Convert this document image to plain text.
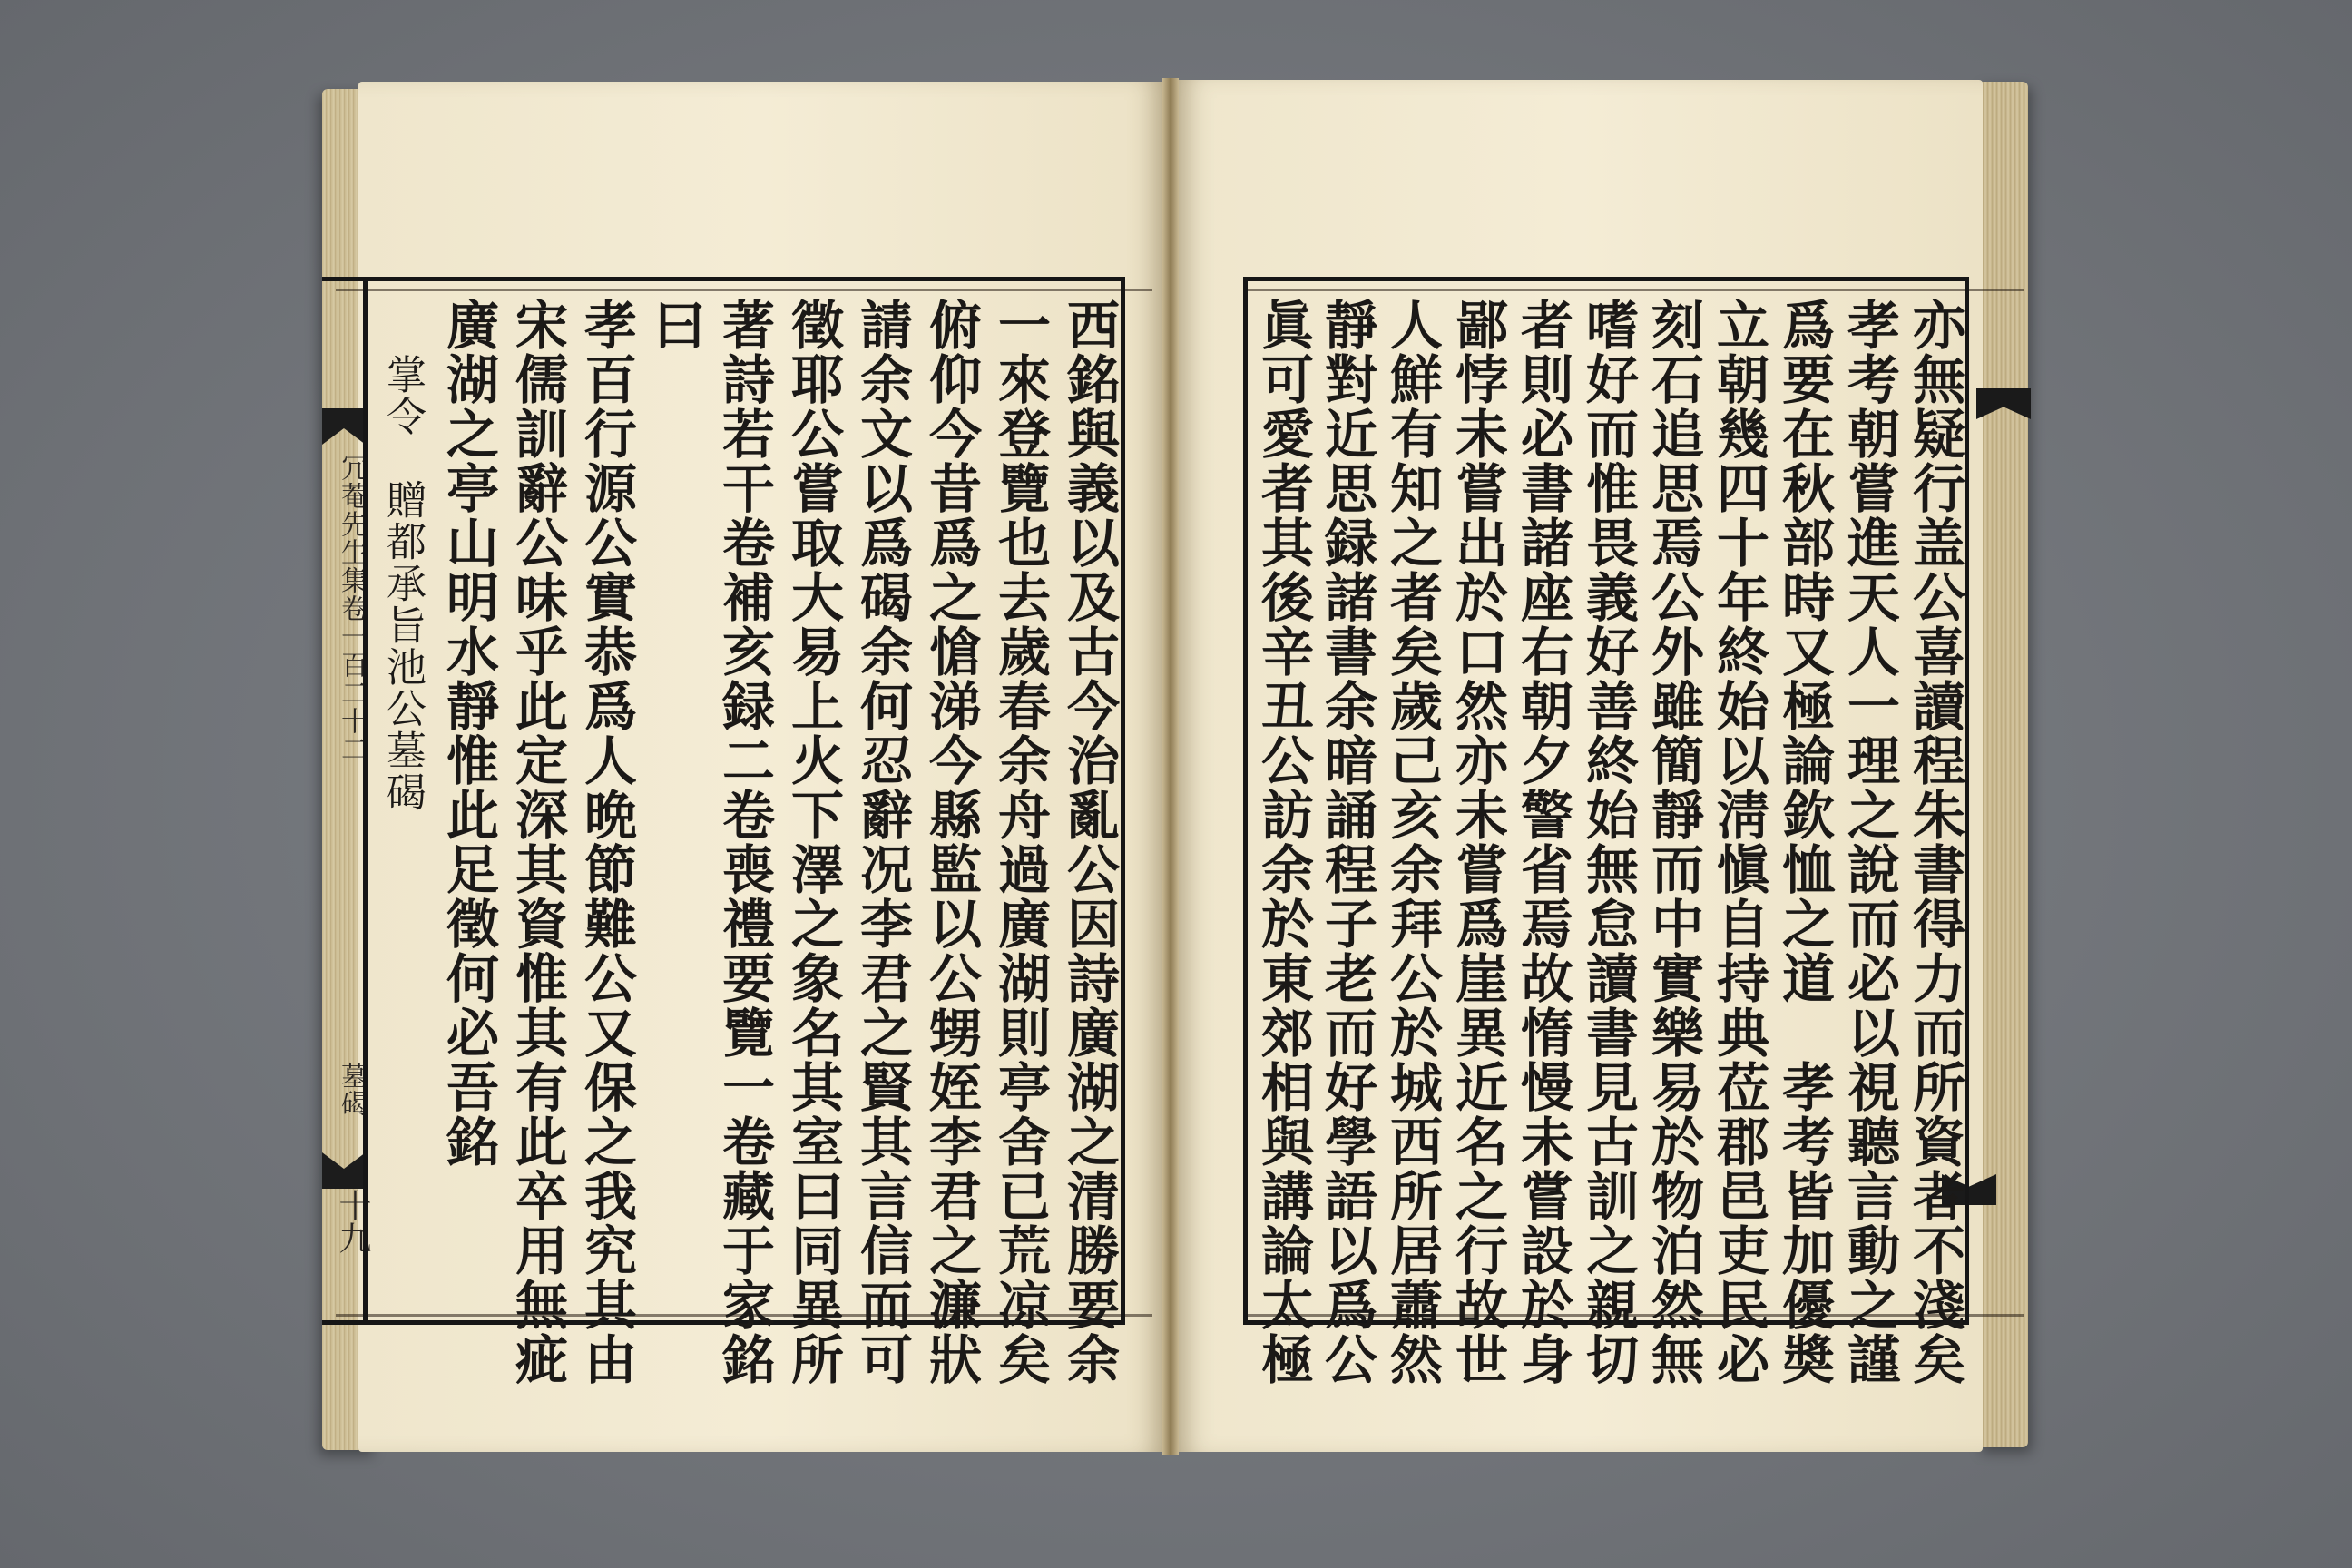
冗菴先生集卷一百二十二
墓碣
十九	西銘與義以及古今治亂公因詩廣湖之清勝要余
一來登覽也去歲春余舟過廣湖則亭舍已荒凉矣
俯仰今昔爲之愴涕今縣監以公甥姪李君之濂狀
請余文以爲碣余何忍辭况李君之賢其言信而可
徵耶公嘗取大易上火下澤之象名其室曰同異所
著詩若干卷補亥録二卷喪禮要覽一卷藏于家銘
曰
孝百行源公實恭爲人晩節難公又保之我究其由
宋儒訓辭公味乎此定深其資惟其有此卒用無疵
廣湖之亭山明水靜惟此足徵何必吾銘
掌令　贈都承旨池公墓碣	亦無疑行盖公喜讀程朱書得力而所資者不淺矣
孝考朝嘗進天人一理之說而必以視聽言動之謹
爲要在秋部時又極論欽恤之道　孝考皆加優奬
立朝幾四十年終始以淸愼自持典莅郡邑吏民必
刻石追思焉公外雖簡靜而中實樂易於物泊然無
嗜好而惟畏義好善終始無怠讀書見古訓之親切
者則必書諸座右朝夕警省焉故惰慢未嘗設於身
鄙悖未嘗出於口然亦未嘗爲崖異近名之行故世
人鮮有知之者矣歲己亥余拜公於城西所居蕭然
靜對近思録諸書余暗誦程子老而好學語以爲公
眞可愛者其後辛丑公訪余於東郊相與講論太極
